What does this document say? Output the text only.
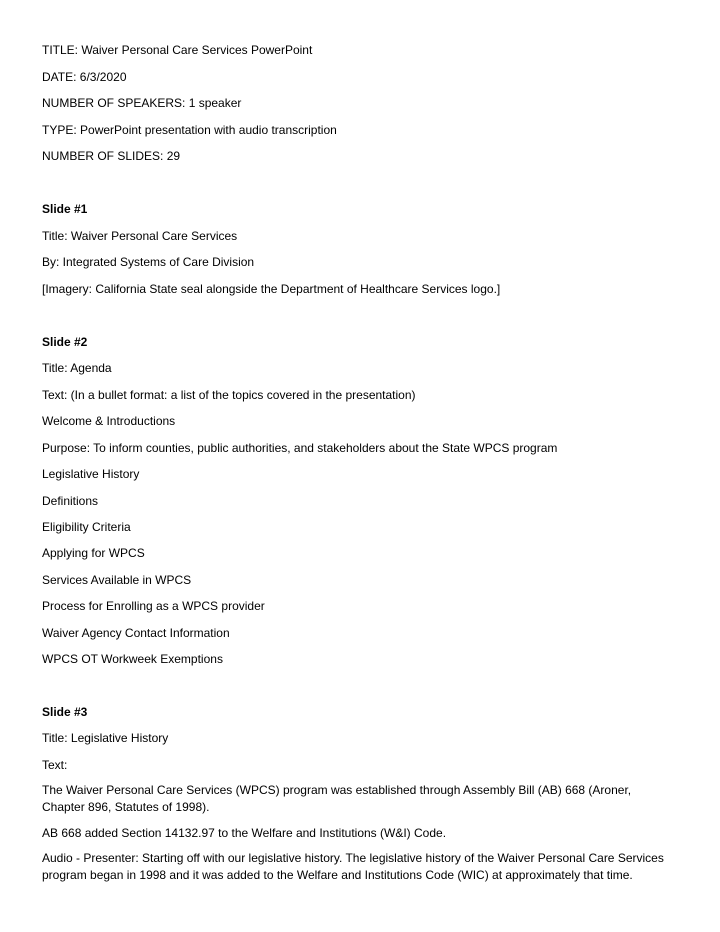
TITLE: Waiver Personal Care Services PowerPoint
DATE: 6/3/2020
NUMBER OF SPEAKERS: 1 speaker
TYPE: PowerPoint presentation with audio transcription
NUMBER OF SLIDES: 29
Slide #1
Title: Waiver Personal Care Services
By: Integrated Systems of Care Division
[Imagery: California State seal alongside the Department of Healthcare Services logo.]
Slide #2
Title: Agenda
Text: (In a bullet format: a list of the topics covered in the presentation)
Welcome & Introductions
Purpose: To inform counties, public authorities, and stakeholders about the State WPCS program
Legislative History
Definitions
Eligibility Criteria
Applying for WPCS
Services Available in WPCS
Process for Enrolling as a WPCS provider
Waiver Agency Contact Information
WPCS OT Workweek Exemptions
Slide #3
Title: Legislative History
Text:
The Waiver Personal Care Services (WPCS) program was established through Assembly Bill (AB) 668 (Aroner, Chapter 896, Statutes of 1998).
AB 668 added Section 14132.97 to the Welfare and Institutions (W&I) Code.
Audio - Presenter: Starting off with our legislative history. The legislative history of the Waiver Personal Care Services program began in 1998 and it was added to the Welfare and Institutions Code (WIC) at approximately that time.
